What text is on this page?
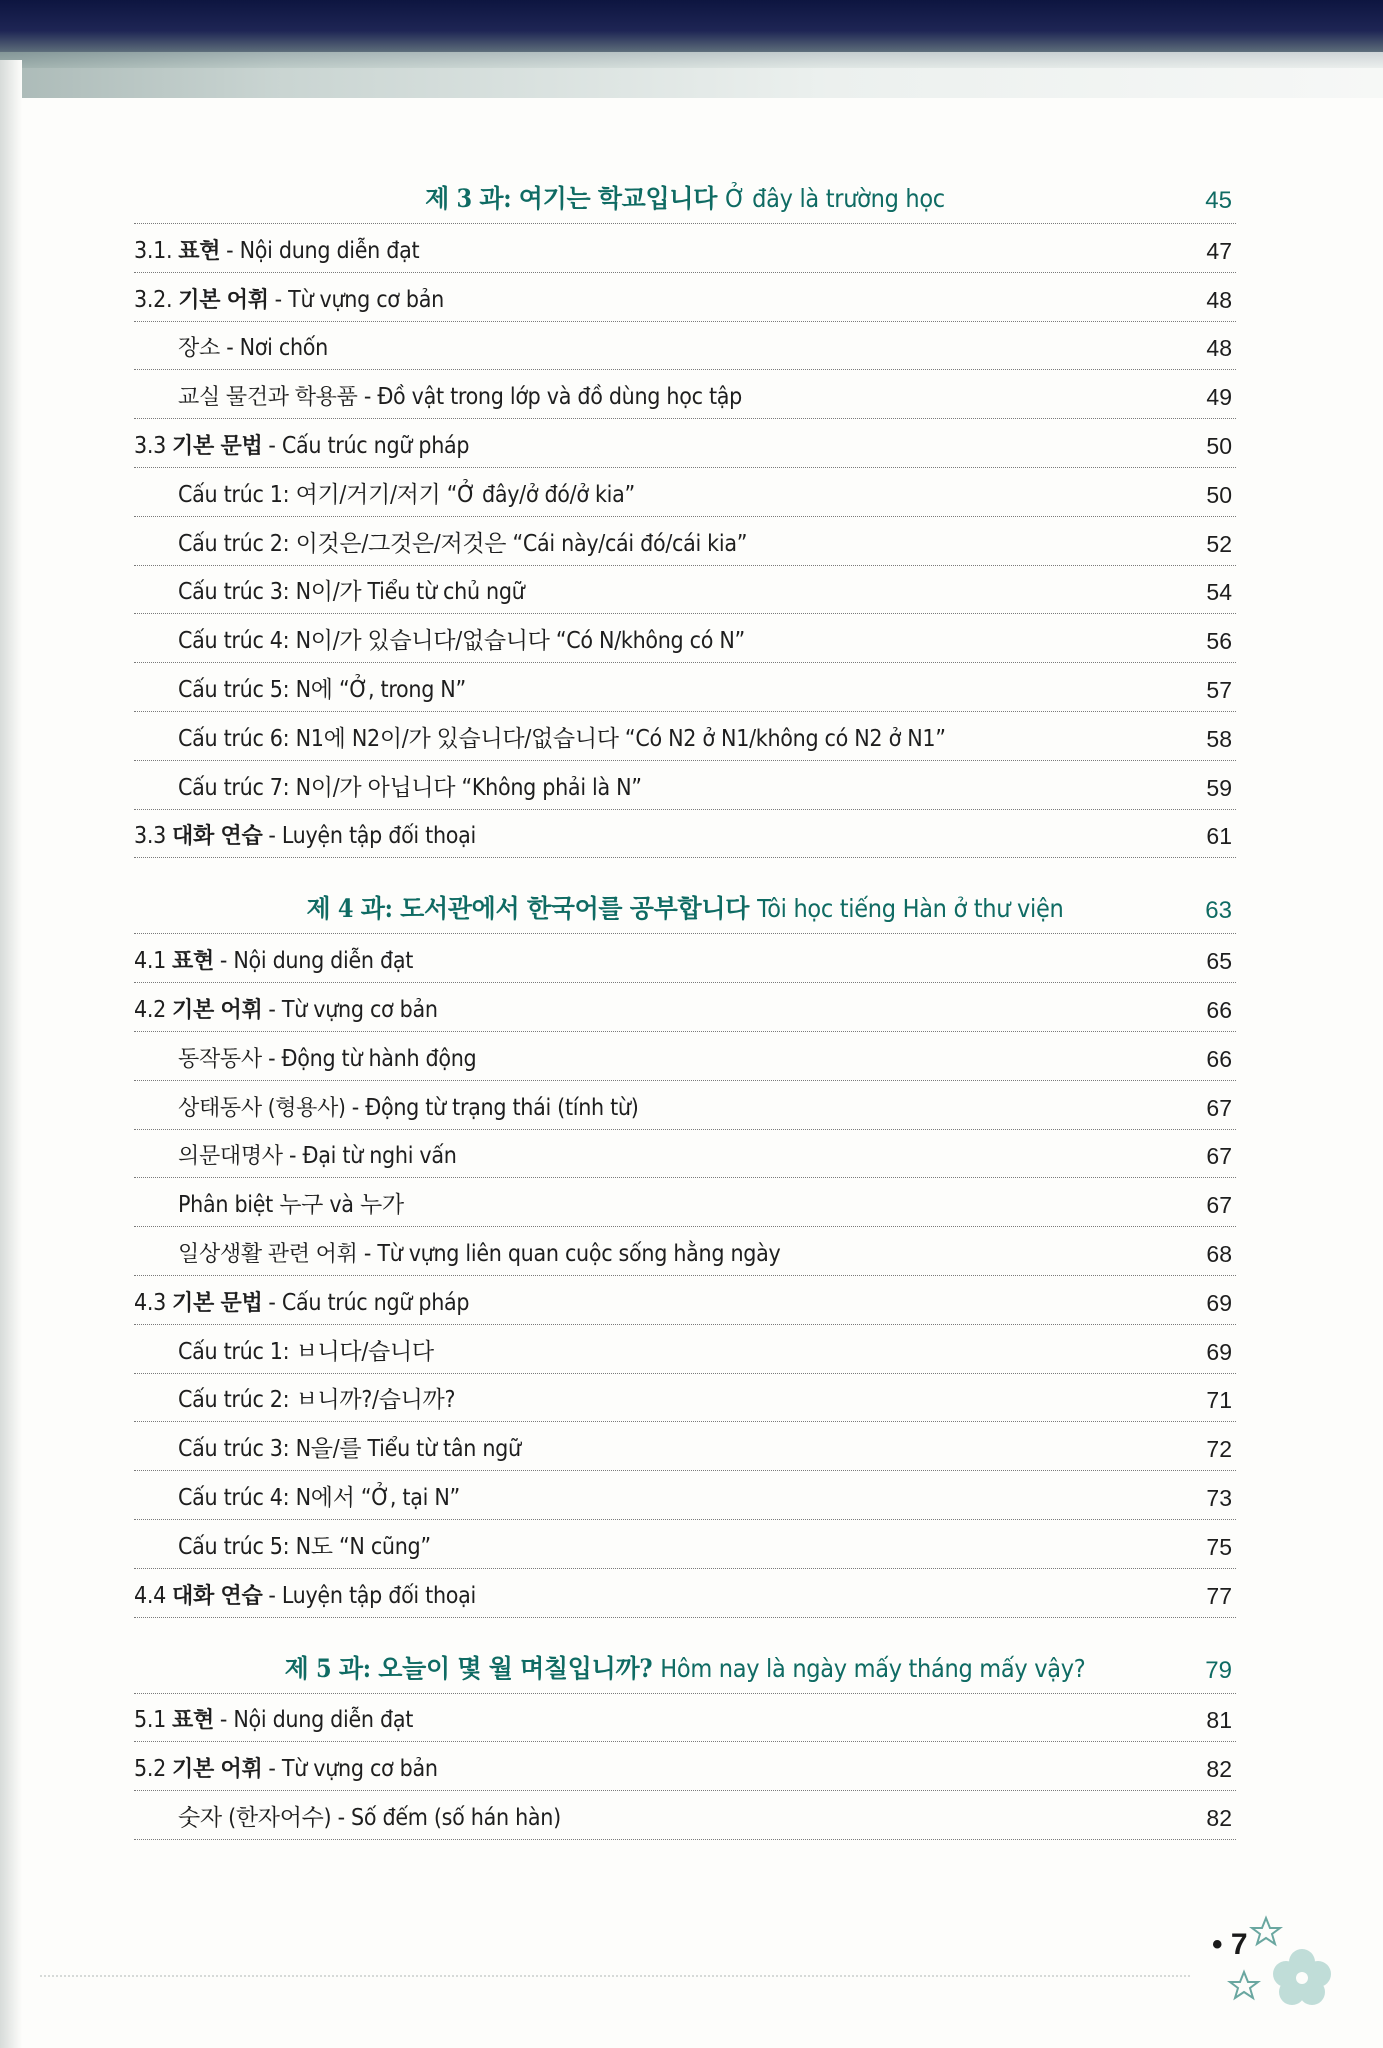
제 3 과: 여기는 학교입니다 Ở đây là trường học	45
3.1. 표현 - Nội dung diễn đạt	47
3.2. 기본 어휘 - Từ vựng cơ bản	48
장소 - Nơi chốn	48
교실 물건과 학용품 - Đồ vật trong lớp và đồ dùng học tập	49
3.3 기본 문법 - Cấu trúc ngữ pháp	50
Cấu trúc 1: 여기/거기/저기 “Ở đây/ở đó/ở kia”	50
Cấu trúc 2: 이것은/그것은/저것은 “Cái này/cái đó/cái kia”	52
Cấu trúc 3: N이/가 Tiểu từ chủ ngữ	54
Cấu trúc 4: N이/가 있습니다/없습니다 “Có N/không có N”	56
Cấu trúc 5: N에 “Ở, trong N”	57
Cấu trúc 6: N1에 N2이/가 있습니다/없습니다 “Có N2 ở N1/không có N2 ở N1”	58
Cấu trúc 7: N이/가 아닙니다 “Không phải là N”	59
3.3 대화 연습 - Luyện tập đối thoại	61
제 4 과: 도서관에서 한국어를 공부합니다 Tôi học tiếng Hàn ở thư viện	63
4.1 표현 - Nội dung diễn đạt	65
4.2 기본 어휘 - Từ vựng cơ bản	66
동작동사 - Động từ hành động	66
상태동사 (형용사) - Động từ trạng thái (tính từ)	67
의문대명사 - Đại từ nghi vấn	67
Phân biệt 누구 và 누가	67
일상생활 관련 어휘 - Từ vựng liên quan cuộc sống hằng ngày	68
4.3 기본 문법 - Cấu trúc ngữ pháp	69
Cấu trúc 1: ㅂ니다/습니다	69
Cấu trúc 2: ㅂ니까?/습니까?	71
Cấu trúc 3: N을/를 Tiểu từ tân ngữ	72
Cấu trúc 4: N에서 “Ở, tại N”	73
Cấu trúc 5: N도 “N cũng”	75
4.4 대화 연습 - Luyện tập đối thoại	77
제 5 과: 오늘이 몇 월 며칠입니까? Hôm nay là ngày mấy tháng mấy vậy?	79
5.1 표현 - Nội dung diễn đạt	81
5.2 기본 어휘 - Từ vựng cơ bản	82
숫자 (한자어수) - Số đếm (số hán hàn)	82
• 7
